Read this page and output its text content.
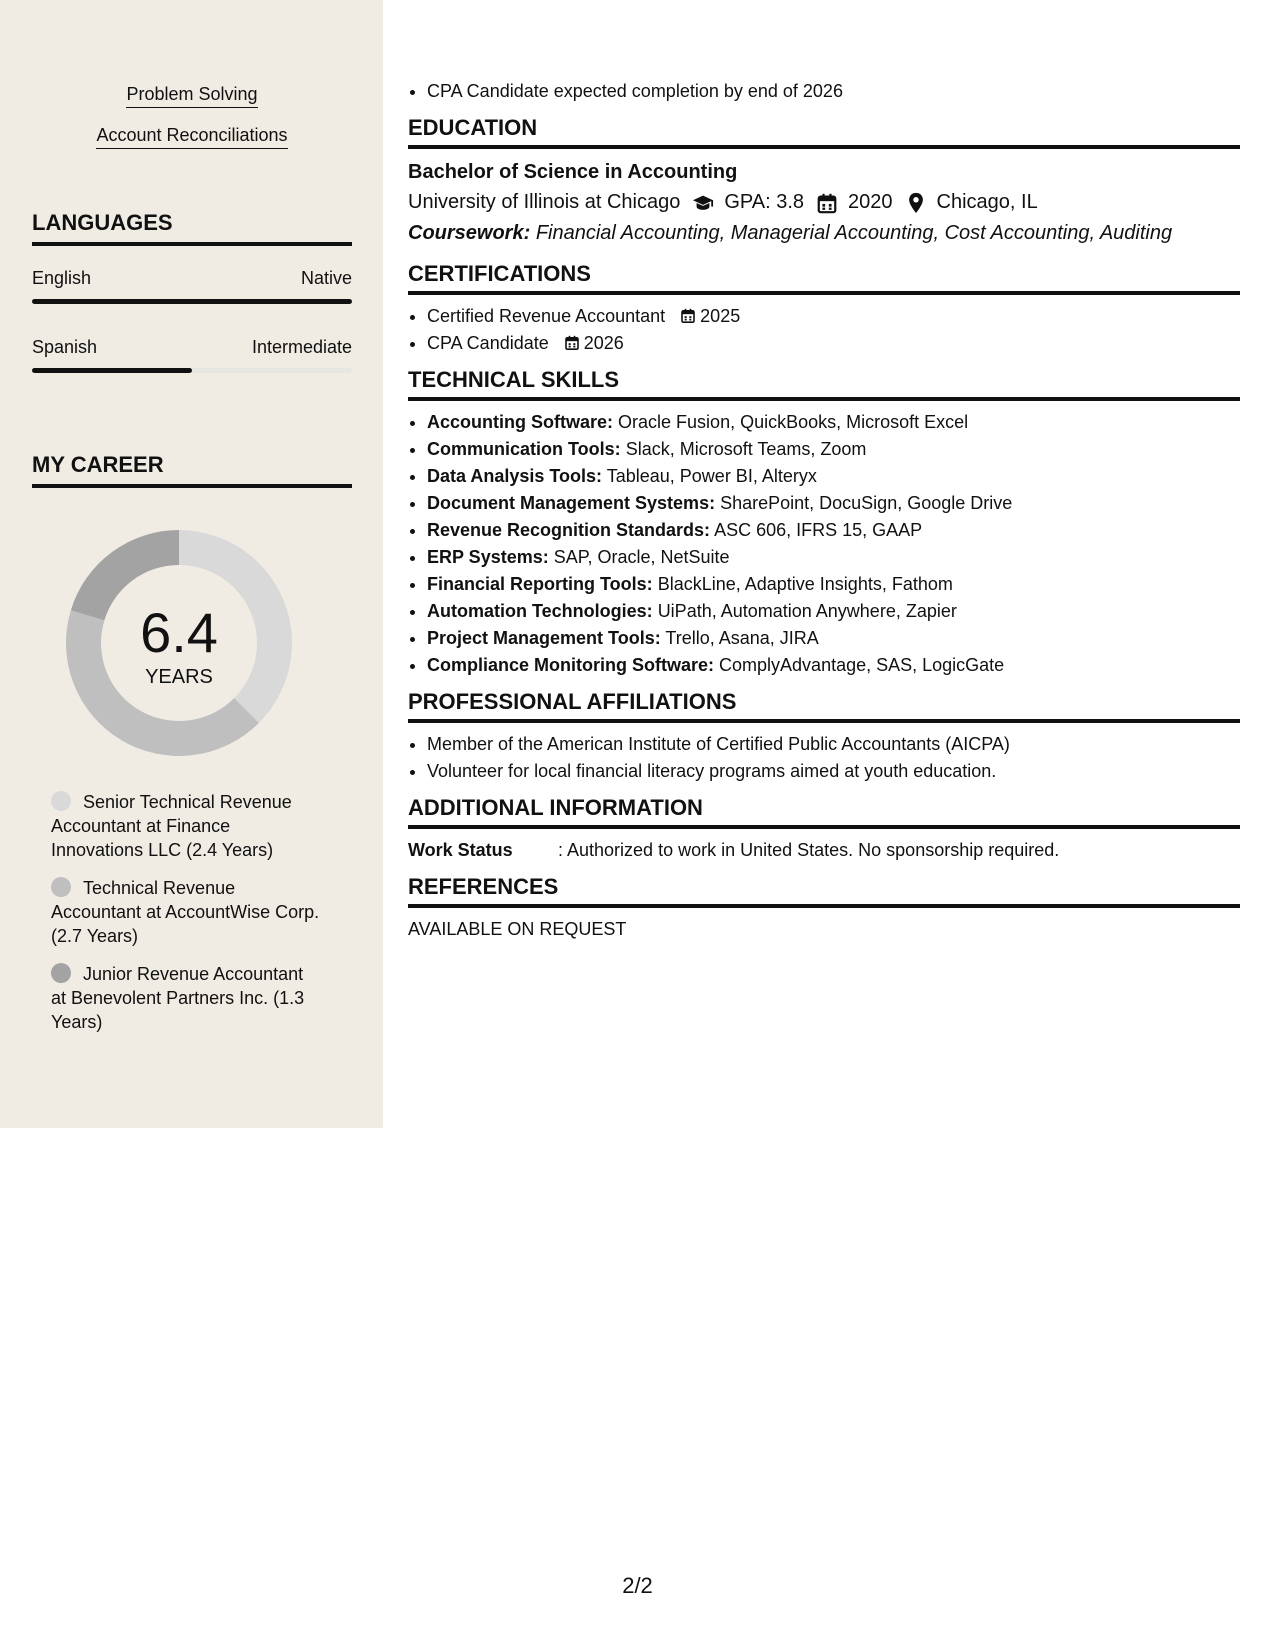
Problem Solving
Account Reconciliations
LANGUAGES
English	Native
Spanish	Intermediate
MY CAREER
6.4
YEARS
Senior Technical Revenue Accountant at Finance Innovations LLC (2.4 Years)
Technical Revenue Accountant at AccountWise Corp. (2.7 Years)
Junior Revenue Accountant at Benevolent Partners Inc. (1.3 Years)
• CPA Candidate expected completion by end of 2026
EDUCATION
Bachelor of Science in Accounting
University of Illinois at Chicago GPA: 3.8 2020 Chicago, IL
Coursework: Financial Accounting, Managerial Accounting, Cost Accounting, Auditing
CERTIFICATIONS
• Certified Revenue Accountant 2025
• CPA Candidate 2026
TECHNICAL SKILLS
• Accounting Software: Oracle Fusion, QuickBooks, Microsoft Excel
• Communication Tools: Slack, Microsoft Teams, Zoom
• Data Analysis Tools: Tableau, Power BI, Alteryx
• Document Management Systems: SharePoint, DocuSign, Google Drive
• Revenue Recognition Standards: ASC 606, IFRS 15, GAAP
• ERP Systems: SAP, Oracle, NetSuite
• Financial Reporting Tools: BlackLine, Adaptive Insights, Fathom
• Automation Technologies: UiPath, Automation Anywhere, Zapier
• Project Management Tools: Trello, Asana, JIRA
• Compliance Monitoring Software: ComplyAdvantage, SAS, LogicGate
PROFESSIONAL AFFILIATIONS
• Member of the American Institute of Certified Public Accountants (AICPA)
• Volunteer for local financial literacy programs aimed at youth education.
ADDITIONAL INFORMATION
Work Status	: Authorized to work in United States. No sponsorship required.
REFERENCES
AVAILABLE ON REQUEST
2/2
